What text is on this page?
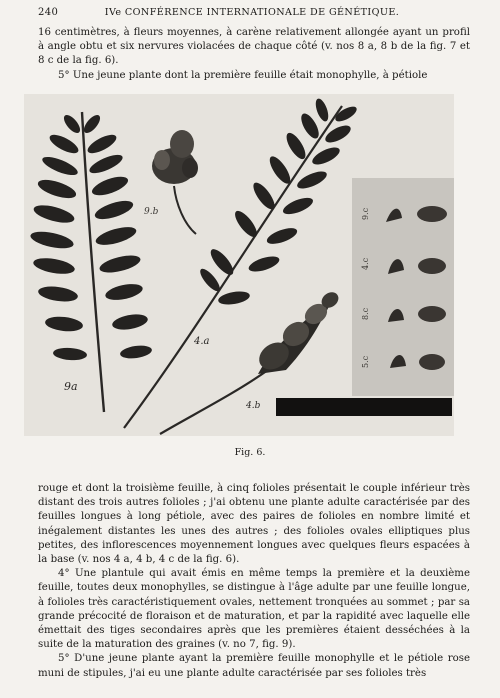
240	IVe CONFÉRENCE INTERNATIONALE DE GÉNÉTIQUE.

16 centimètres, à fleurs moyennes, à carène relativement allongée ayant un profil à angle obtu et six nervures violacées de chaque côté (v. nos 8 a, 8 b de la fig. 7 et 8 c de la fig. 6).

5° Une jeune plante dont la première feuille était monophylle, à pétiole

9a
9.b
4.a
4.b
9.c
4.c
8.c
5.c
Fig. 6.

rouge et dont la troisième feuille, à cinq folioles présentait le couple inférieur très distant des trois autres folioles ; j'ai obtenu une plante adulte caractérisée par des feuilles longues à long pétiole, avec des paires de folioles en nombre limité et inégalement distantes les unes des autres ; des folioles ovales elliptiques plus petites, des inflorescences moyennement longues avec quelques fleurs espacées à la base (v. nos 4 a, 4 b, 4 c de la fig. 6).

4° Une plantule qui avait émis en même temps la première et la deuxième feuille, toutes deux monophylles, se distingue à l'âge adulte par une feuille longue, à folioles très caractéristiquement ovales, nettement tronquées au sommet ; par sa grande précocité de floraison et de maturation, et par la rapidité avec laquelle elle émettait des tiges secondaires après que les premières étaient desséchées à la suite de la maturation des graines (v. no 7, fig. 9).

5° D'une jeune plante ayant la première feuille monophylle et le pétiole rose muni de stipules, j'ai eu une plante adulte caractérisée par ses folioles très
